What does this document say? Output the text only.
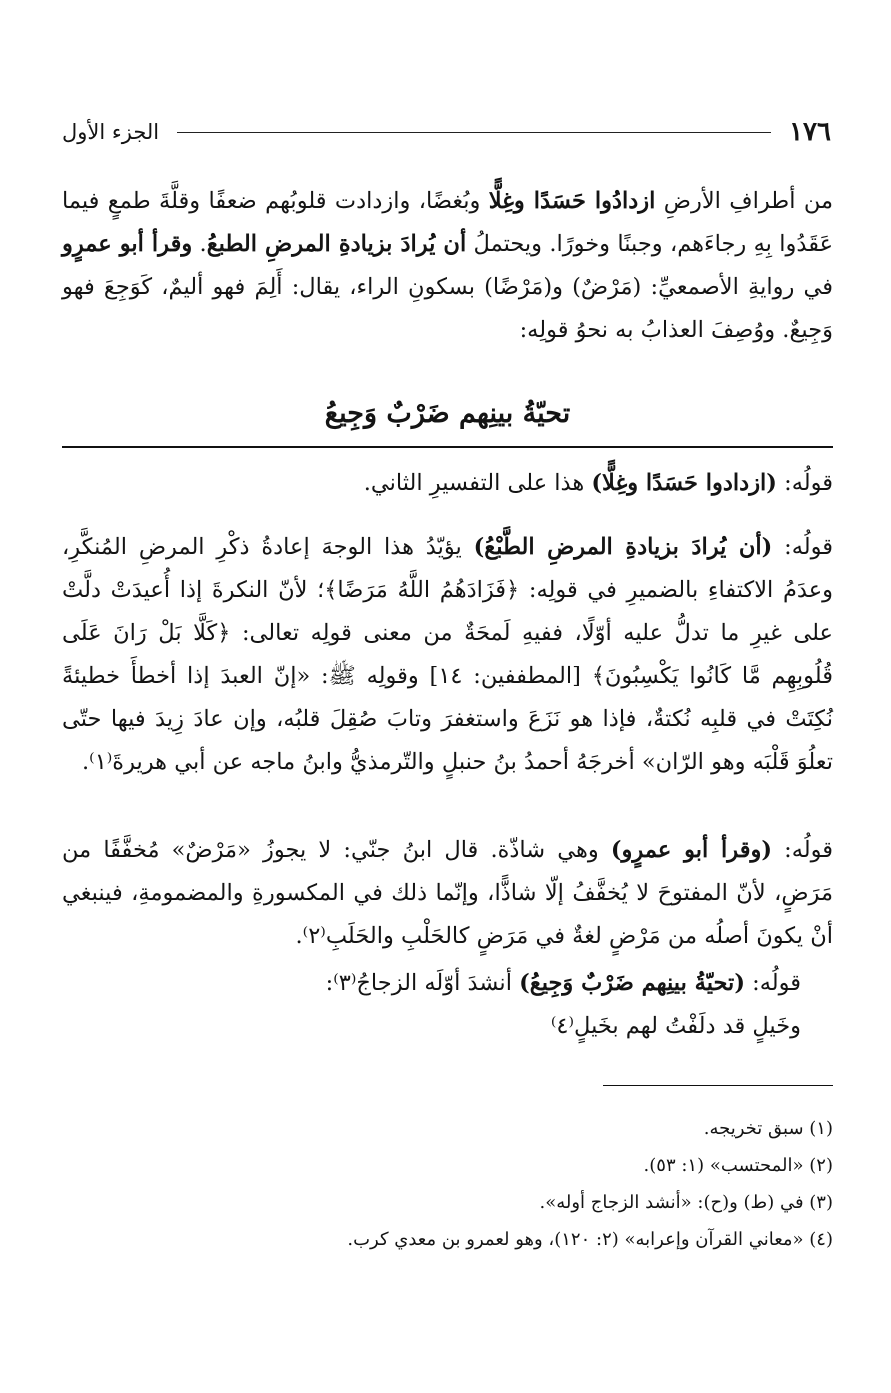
١٧٦
الجزء الأول

من أطرافِ الأرضِ ازدادُوا حَسَدًا وغِلًّا وبُغضًا، وازدادت قلوبُهم ضعفًا وقلَّةَ طمعٍ فيما عَقَدُوا بِهِ رجاءَهم، وجبنًا وخورًا. ويحتملُ أن يُرادَ بزيادةِ المرضِ الطبعُ. وقرأ أبو عمرٍو في روايةِ الأصمعيِّ: (مَرْضٌ) و(مَرْضًا) بسكونِ الراء، يقال: أَلِمَ فهو أليمٌ، كَوَجِعَ فهو وَجِيعٌ. ووُصِفَ العذابُ به نحوُ قولِه:

تحيّةُ بينِهم ضَرْبٌ وَجِيعُ

قولُه: (ازدادوا حَسَدًا وغِلًّا) هذا على التفسيرِ الثاني.

قولُه: (أن يُرادَ بزيادةِ المرضِ الطَّبْعُ) يؤيّدُ هذا الوجهَ إعادةُ ذكْرِ المرضِ المُنكَّرِ، وعدَمُ الاكتفاءِ بالضميرِ في قولِه: ﴿فَزَادَهُمُ اللَّهُ مَرَضًا﴾؛ لأنّ النكرةَ إذا أُعيدَتْ دلَّتْ على غيرِ ما تدلُّ عليه أوّلًا، ففيهِ لَمحَةٌ من معنى قولِه تعالى: ﴿كَلَّا بَلْ رَانَ عَلَى قُلُوبِهِم مَّا كَانُوا يَكْسِبُونَ﴾ [المطففين: ١٤] وقولِه ﷺ: «إنّ العبدَ إذا أخطأَ خطيئةً نُكِتَتْ في قلبِه نُكتةٌ، فإذا هو نَزَعَ واستغفرَ وتابَ صُقِلَ قلبُه، وإن عادَ زِيدَ فيها حتّى تعلُوَ قَلْبَه وهو الرّان» أخرجَهُ أحمدُ بنُ حنبلٍ والتّرمذيُّ وابنُ ماجه عن أبي هريرةَ⁽١⁾.

قولُه: (وقرأ أبو عمرٍو) وهي شاذّة. قال ابنُ جنّي: لا يجوزُ «مَرْضٌ» مُخفَّفًا من مَرَضٍ، لأنّ المفتوحَ لا يُخفَّفُ إلّا شاذًّا، وإنّما ذلك في المكسورةِ والمضمومةِ، فينبغي أنْ يكونَ أصلُه من مَرْضٍ لغةٌ في مَرَضٍ كالحَلْبِ والحَلَبِ⁽٢⁾.

قولُه: (تحيّةُ بينِهم ضَرْبٌ وَجِيعُ) أنشدَ أوّلَه الزجاجُ⁽٣⁾:

وخَيلٍ قد دلَفْتُ لهم بخَيلٍ⁽٤⁾

(١) سبق تخريجه.

(٢) «المحتسب» (١: ٥٣).

(٣) في (ط) و(ح): «أنشد الزجاج أوله».

(٤) «معاني القرآن وإعرابه» (٢: ١٢٠)، وهو لعمرو بن معدي كرب.
